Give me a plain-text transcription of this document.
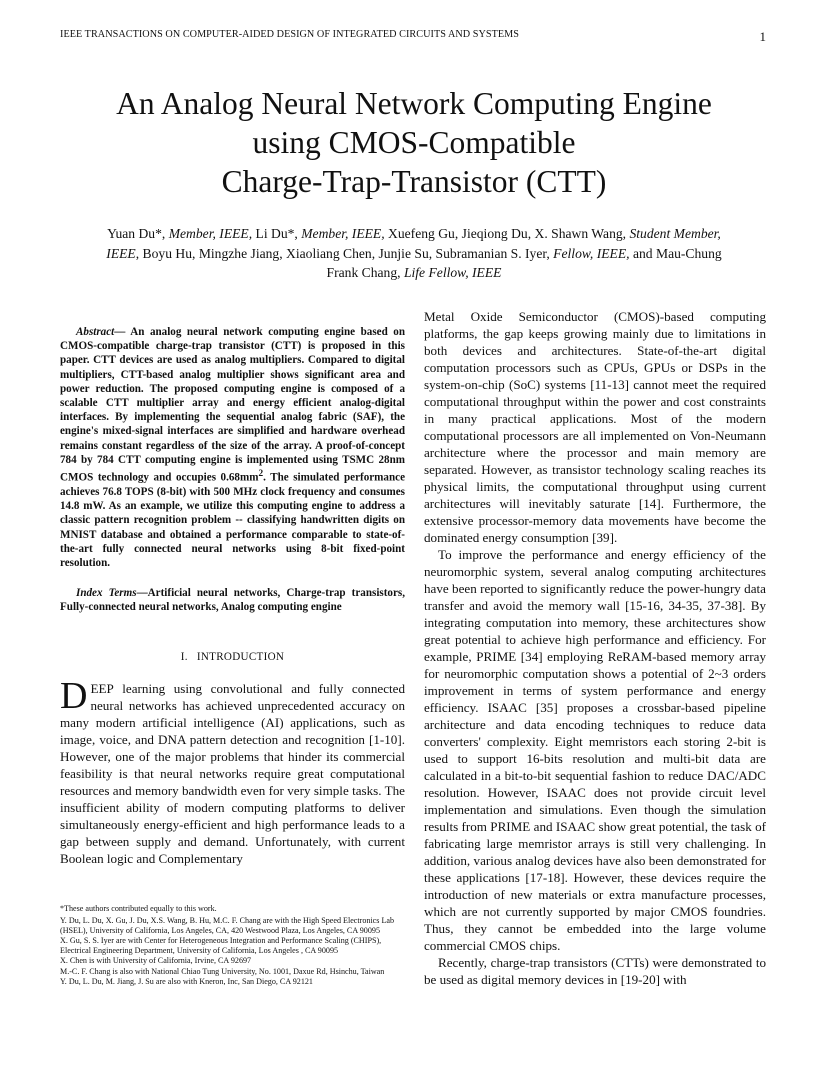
IEEE TRANSACTIONS ON COMPUTER-AIDED DESIGN OF INTEGRATED CIRCUITS AND SYSTEMS	1
An Analog Neural Network Computing Engine
using CMOS-Compatible
Charge-Trap-Transistor (CTT)
Yuan Du*, Member, IEEE, Li Du*, Member, IEEE, Xuefeng Gu, Jieqiong Du, X. Shawn Wang, Student Member, IEEE, Boyu Hu, Mingzhe Jiang, Xiaoliang Chen, Junjie Su, Subramanian S. Iyer, Fellow, IEEE, and Mau-Chung Frank Chang, Life Fellow, IEEE

Abstract— An analog neural network computing engine based on CMOS-compatible charge-trap transistor (CTT) is proposed in this paper. CTT devices are used as analog multipliers. Compared to digital multipliers, CTT-based analog multiplier shows significant area and power reduction. The proposed computing engine is composed of a scalable CTT multiplier array and energy efficient analog-digital interfaces. By implementing the sequential analog fabric (SAF), the engine's mixed-signal interfaces are simplified and hardware overhead remains constant regardless of the size of the array. A proof-of-concept 784 by 784 CTT computing engine is implemented using TSMC 28nm CMOS technology and occupies $0.68mm^2$. The simulated performance achieves 76.8 TOPS (8-bit) with 500 MHz clock frequency and consumes 14.8 mW. As an example, we utilize this computing engine to address a classic pattern recognition problem -- classifying handwritten digits on MNIST database and obtained a performance comparable to state-of-the-art fully connected neural networks using 8-bit fixed-point resolution.

Index Terms—Artificial neural networks, Charge-trap transistors, Fully-connected neural networks, Analog computing engine

I. INTRODUCTION

DEEP learning using convolutional and fully connected neural networks has achieved unprecedented accuracy on many modern artificial intelligence (AI) applications, such as image, voice, and DNA pattern detection and recognition [1-10]. However, one of the major problems that hinder its commercial feasibility is that neural networks require great computational resources and memory bandwidth even for very simple tasks. The insufficient ability of modern computing platforms to deliver simultaneously energy-efficient and high performance leads to a gap between supply and demand. Unfortunately, with current Boolean logic and Complementary

*These authors contributed equally to this work.
Y. Du, L. Du, X. Gu, J. Du, X.S. Wang, B. Hu, M.C. F. Chang are with the High Speed Electronics Lab (HSEL), University of California, Los Angeles, CA, 420 Westwood Plaza, Los Angeles, CA 90095
X. Gu, S. S. Iyer are with Center for Heterogeneous Integration and Performance Scaling (CHIPS), Electrical Engineering Department, University of California, Los Angeles , CA 90095
X. Chen is with University of California, Irvine, CA 92697
M.-C. F. Chang is also with National Chiao Tung University, No. 1001, Daxue Rd, Hsinchu, Taiwan
Y. Du, L. Du, M. Jiang, J. Su are also with Kneron, Inc, San Diego, CA 92121

Metal Oxide Semiconductor (CMOS)-based computing platforms, the gap keeps growing mainly due to limitations in both devices and architectures. State-of-the-art digital computation processors such as CPUs, GPUs or DSPs in the system-on-chip (SoC) systems [11-13] cannot meet the required computational throughput within the power and cost constraints in many practical applications. Most of the modern computational processors are all implemented on Von-Neumann architecture where the processor and main memory are separated. However, as transistor technology scaling reaches its physical limits, the computational throughput using current architectures will inevitably saturate [14]. Furthermore, the extensive processor-memory data movements have become the dominated energy consumption [39].

To improve the performance and energy efficiency of the neuromorphic system, several analog computing architectures have been reported to significantly reduce the power-hungry data transfer and avoid the memory wall [15-16, 34-35, 37-38]. By integrating computation into memory, these architectures show great potential to achieve high performance and efficiency. For example, PRIME [34] employing ReRAM-based memory array for neuromorphic computation shows a potential of 2~3 orders improvement in terms of system performance and energy efficiency. ISAAC [35] proposes a crossbar-based pipeline architecture and data encoding techniques to reduce data converters' complexity. Eight memristors each storing 2-bit is used to support 16-bits resolution and multi-bit data are calculated in a bit-to-bit sequential fashion to reduce DAC/ADC resolution. However, ISAAC does not provide circuit level implementation and simulations. Even though the simulation results from PRIME and ISAAC show great potential, the task of fabricating large memristor arrays is still very challenging. In addition, various analog devices have also been demonstrated for these applications [17-18]. However, these devices require the introduction of new materials or extra manufacture processes, which are not currently supported by major CMOS foundries. Thus, they cannot be embedded into the large volume commercial CMOS chips.

Recently, charge-trap transistors (CTTs) were demonstrated to be used as digital memory devices in [19-20] with
